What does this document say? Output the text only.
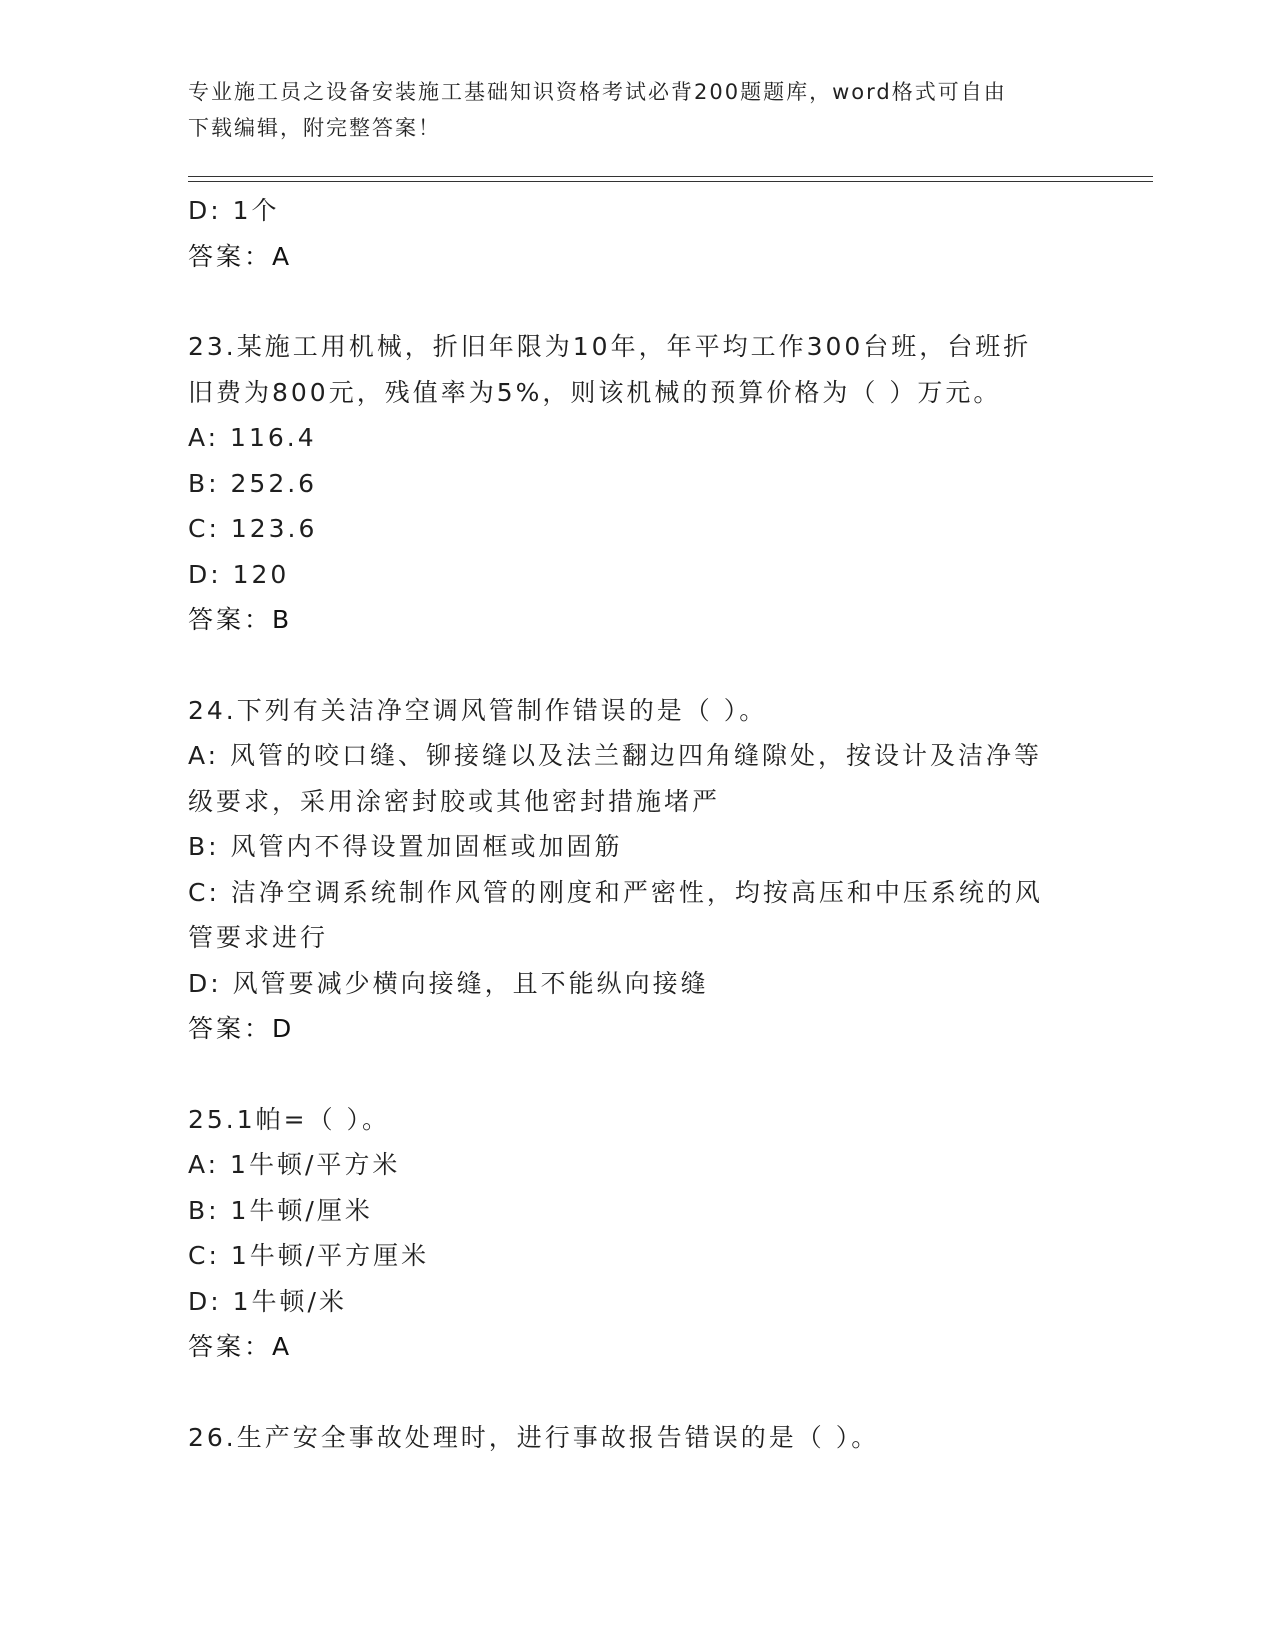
专业施工员之设备安装施工基础知识资格考试必背200题题库，word格式可自由
下载编辑，附完整答案！
D: 1个
答案：A
23.某施工用机械，折旧年限为10年，年平均工作300台班，台班折
旧费为800元，残值率为5%，则该机械的预算价格为（ ）万元。
A: 116.4
B: 252.6
C: 123.6
D: 120
答案：B
24.下列有关洁净空调风管制作错误的是（ ）。
A: 风管的咬口缝、铆接缝以及法兰翻边四角缝隙处，按设计及洁净等
级要求，采用涂密封胶或其他密封措施堵严
B: 风管内不得设置加固框或加固筋
C: 洁净空调系统制作风管的刚度和严密性，均按高压和中压系统的风
管要求进行
D: 风管要减少横向接缝，且不能纵向接缝
答案：D
25.1帕=（ ）。
A: 1牛顿/平方米
B: 1牛顿/厘米
C: 1牛顿/平方厘米
D: 1牛顿/米
答案：A
26.生产安全事故处理时，进行事故报告错误的是（ ）。
